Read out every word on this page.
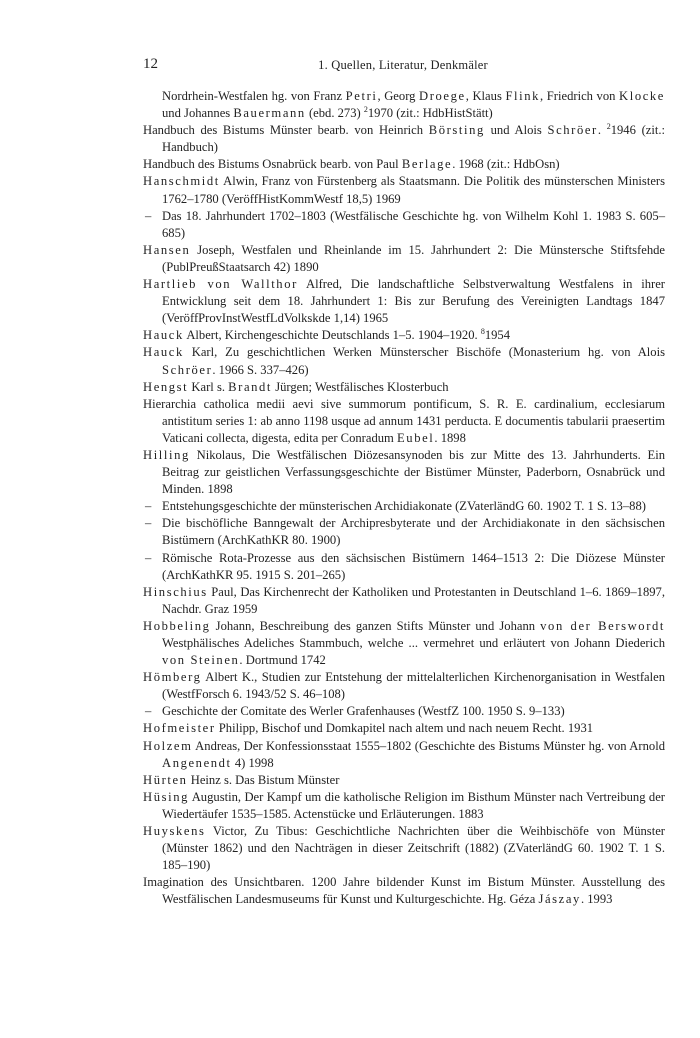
12	1. Quellen, Literatur, Denkmäler

Nordrhein-Westfalen hg. von Franz Petri, Georg Droege, Klaus Flink, Friedrich von Klocke und Johannes Bauermann (ebd. 273) $^2$1970 (zit.: HdbHistStätt)

Handbuch des Bistums Münster bearb. von Heinrich Börsting und Alois Schröer. $^2$1946 (zit.: Handbuch)

Handbuch des Bistums Osnabrück bearb. von Paul Berlage. 1968 (zit.: HdbOsn)

Hanschmidt Alwin, Franz von Fürstenberg als Staatsmann. Die Politik des münsterschen Ministers 1762–1780 (VeröffHistKommWestf 18,5) 1969

– Das 18. Jahrhundert 1702–1803 (Westfälische Geschichte hg. von Wilhelm Kohl 1. 1983 S. 605–685)

Hansen Joseph, Westfalen und Rheinlande im 15. Jahrhundert 2: Die Münstersche Stiftsfehde (PublPreußStaatsarch 42) 1890

Hartlieb von Wallthor Alfred, Die landschaftliche Selbstverwaltung Westfalens in ihrer Entwicklung seit dem 18. Jahrhundert 1: Bis zur Berufung des Vereinigten Landtags 1847 (VeröffProvInstWestfLdVolkskde 1,14) 1965

Hauck Albert, Kirchengeschichte Deutschlands 1–5. 1904–1920. $^8$1954

Hauck Karl, Zu geschichtlichen Werken Münsterscher Bischöfe (Monasterium hg. von Alois Schröer. 1966 S. 337–426)

Hengst Karl s. Brandt Jürgen; Westfälisches Klosterbuch

Hierarchia catholica medii aevi sive summorum pontificum, S. R. E. cardinalium, ecclesiarum antistitum series 1: ab anno 1198 usque ad annum 1431 perducta. E documentis tabularii praesertim Vaticani collecta, digesta, edita per Conradum Eubel. 1898

Hilling Nikolaus, Die Westfälischen Diözesansynoden bis zur Mitte des 13. Jahrhunderts. Ein Beitrag zur geistlichen Verfassungsgeschichte der Bistümer Münster, Paderborn, Osnabrück und Minden. 1898

– Entstehungsgeschichte der münsterischen Archidiakonate (ZVaterländG 60. 1902 T. 1 S. 13–88)

– Die bischöfliche Banngewalt der Archipresbyterate und der Archidiakonate in den sächsischen Bistümern (ArchKathKR 80. 1900)

– Römische Rota-Prozesse aus den sächsischen Bistümern 1464–1513 2: Die Diözese Münster (ArchKathKR 95. 1915 S. 201–265)

Hinschius Paul, Das Kirchenrecht der Katholiken und Protestanten in Deutschland 1–6. 1869–1897, Nachdr. Graz 1959

Hobbeling Johann, Beschreibung des ganzen Stifts Münster und Johann von der Berswordt Westphälisches Adeliches Stammbuch, welche ... vermehret und erläutert von Johann Diederich von Steinen. Dortmund 1742

Hömberg Albert K., Studien zur Entstehung der mittelalterlichen Kirchenorganisation in Westfalen (WestfForsch 6. 1943/52 S. 46–108)

– Geschichte der Comitate des Werler Grafenhauses (WestfZ 100. 1950 S. 9–133)

Hofmeister Philipp, Bischof und Domkapitel nach altem und nach neuem Recht. 1931

Holzem Andreas, Der Konfessionsstaat 1555–1802 (Geschichte des Bistums Münster hg. von Arnold Angenendt 4) 1998

Hürten Heinz s. Das Bistum Münster

Hüsing Augustin, Der Kampf um die katholische Religion im Bisthum Münster nach Vertreibung der Wiedertäufer 1535–1585. Actenstücke und Erläuterungen. 1883

Huyskens Victor, Zu Tibus: Geschichtliche Nachrichten über die Weihbischöfe von Münster (Münster 1862) und den Nachträgen in dieser Zeitschrift (1882) (ZVaterländG 60. 1902 T. 1 S. 185–190)

Imagination des Unsichtbaren. 1200 Jahre bildender Kunst im Bistum Münster. Ausstellung des Westfälischen Landesmuseums für Kunst und Kulturgeschichte. Hg. Géza Jászay. 1993
